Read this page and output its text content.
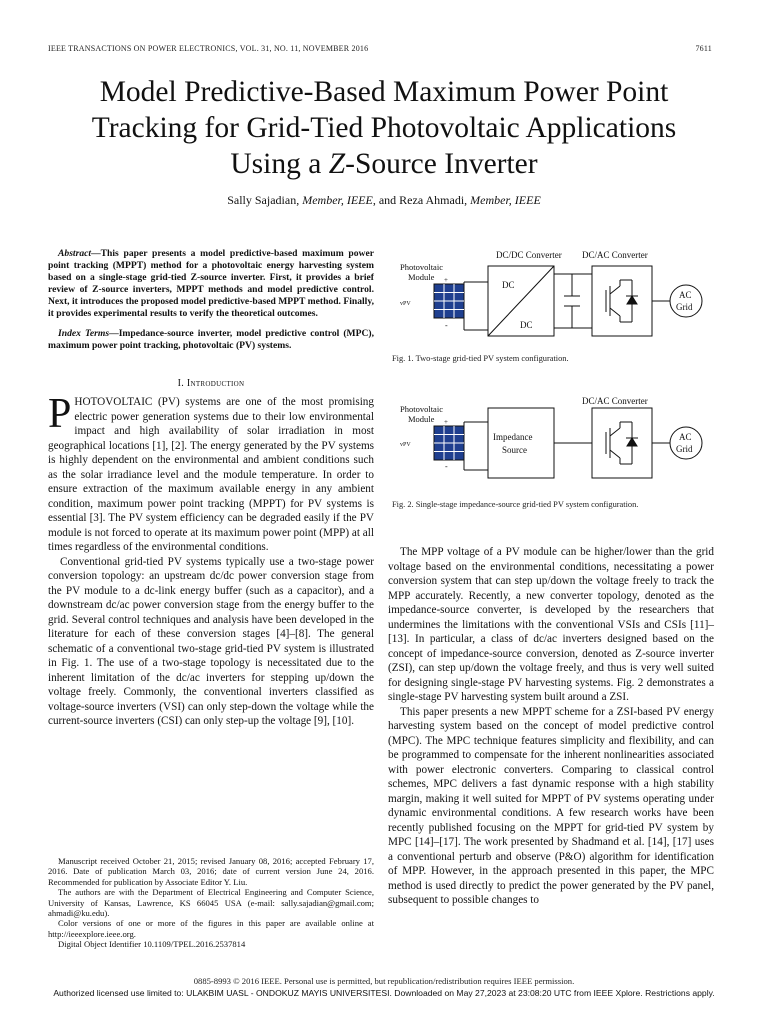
IEEE TRANSACTIONS ON POWER ELECTRONICS, VOL. 31, NO. 11, NOVEMBER 2016	7611
Model Predictive-Based Maximum Power Point
Tracking for Grid-Tied Photovoltaic Applications
Using a Z-Source Inverter
Sally Sajadian, Member, IEEE, and Reza Ahmadi, Member, IEEE

Abstract—This paper presents a model predictive-based maximum power point tracking (MPPT) method for a photovoltaic energy harvesting system based on a single-stage grid-tied Z-source inverter. First, it provides a brief review of Z-source inverters, MPPT methods and model predictive control. Next, it introduces the proposed model predictive-based MPPT method. Finally, it provides experimental results to verify the theoretical outcomes.

Index Terms—Impedance-source inverter, model predictive control (MPC), maximum power point tracking, photovoltaic (PV) systems.

I. Introduction

PHOTOVOLTAIC (PV) systems are one of the most promising electric power generation systems due to their low environmental impact and high availability of solar irradiation in most geographical locations [1], [2]. The energy generated by the PV systems is highly dependent on the environmental and ambient conditions such as the solar irradiance level and the module temperature. In order to ensure extraction of the maximum available energy in any ambient condition, maximum power point tracking (MPPT) for PV systems is essential [3]. The PV system efficiency can be degraded easily if the PV module is not forced to operate at its maximum power point (MPP) at all times regardless of the environmental conditions.

Conventional grid-tied PV systems typically use a two-stage power conversion topology: an upstream dc/dc power conversion stage from the PV module to a dc-link energy buffer (such as a capacitor), and a downstream dc/ac power conversion stage from the energy buffer to the grid. Several control techniques and analysis have been developed in the literature for each of these conversion stages [4]–[8]. The general schematic of a conventional two-stage grid-tied PV system is illustrated in Fig. 1. The use of a two-stage topology is necessitated due to the inherent limitation of the dc/ac inverters for stepping up/down the voltage freely. Commonly, the conventional inverters classified as voltage-source inverters (VSI) can only step-down the voltage while the current-source inverters (CSI) can only step-up the voltage [9], [10].

Manuscript received October 21, 2015; revised January 08, 2016; accepted February 17, 2016. Date of publication March 03, 2016; date of current version June 24, 2016. Recommended for publication by Associate Editor Y. Liu.

The authors are with the Department of Electrical Engineering and Computer Science, University of Kansas, Lawrence, KS 66045 USA (e-mail: sally.sajadian@gmail.com; ahmadi@ku.edu).

Color versions of one or more of the figures in this paper are available online at http://ieeexplore.ieee.org.

Digital Object Identifier 10.1109/TPEL.2016.2537814

DC/DC Converter DC/AC Converter
Photovoltaic
Module +
vPV
-
DC
DC
AC
Grid
Fig. 1. Two-stage grid-tied PV system configuration.
DC/AC Converter
Photovoltaic
Module +
vPV
-
Impedance
Source
AC
Grid
Fig. 2. Single-stage impedance-source grid-tied PV system configuration.

The MPP voltage of a PV module can be higher/lower than the grid voltage based on the environmental conditions, necessitating a power conversion system that can step up/down the voltage freely to track the MPP accurately. Recently, a new converter topology, denoted as the impedance-source converter, is developed by the researchers that undermines the limitations with the conventional VSIs and CSIs [11]–[13]. In particular, a class of dc/ac inverters designed based on the concept of impedance-source conversion, denoted as Z-source inverter (ZSI), can step up/down the voltage freely, and thus is very well suited for designing single-stage PV harvesting systems. Fig. 2 demonstrates a single-stage PV harvesting system built around a ZSI.

This paper presents a new MPPT scheme for a ZSI-based PV energy harvesting system based on the concept of model predictive control (MPC). The MPC technique features simplicity and flexibility, and can be programmed to compensate for the inherent nonlinearities associated with power electronic converters. Comparing to classical control schemes, MPC delivers a fast dynamic response with a high stability margin, making it well suited for MPPT of PV systems operating under dynamic environmental conditions. A few research works have been recently published focusing on the MPPT for grid-tied PV system by MPC [14]–[17]. The work presented by Shadmand et al. [14], [17] uses a conventional perturb and observe (P&O) algorithm for identification of MPP. However, in the approach presented in this paper, the MPC method is used directly to predict the power generated by the PV panel, subsequent to possible changes to

0885-8993 © 2016 IEEE. Personal use is permitted, but republication/redistribution requires IEEE permission.
Authorized licensed use limited to: ULAKBIM UASL - ONDOKUZ MAYIS UNIVERSITESI. Downloaded on May 27,2023 at 23:08:20 UTC from IEEE Xplore. Restrictions apply.
